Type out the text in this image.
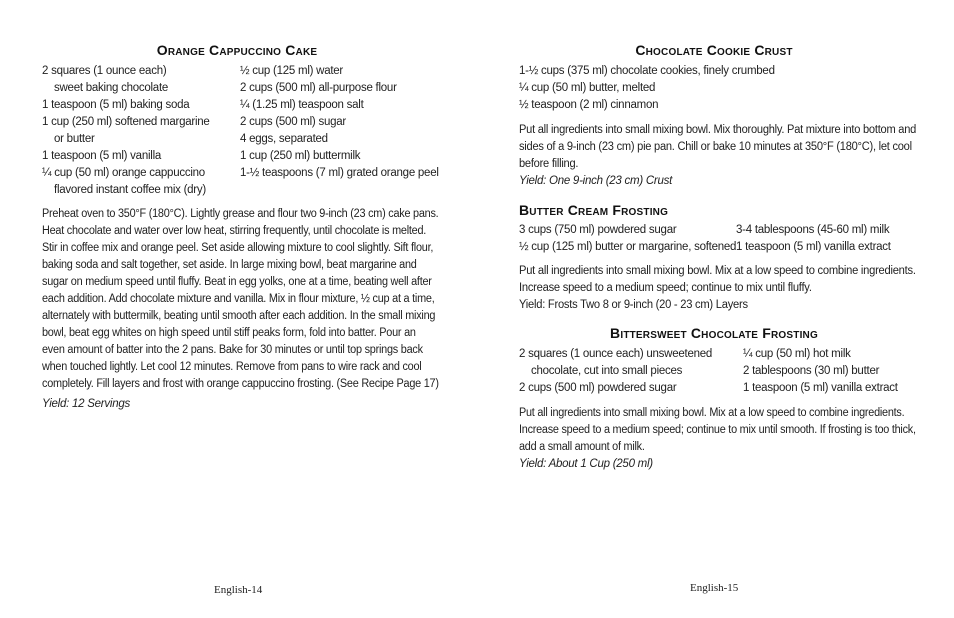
Orange Cappuccino Cake
2 squares (1 ounce each)
sweet baking chocolate
1 teaspoon (5 ml) baking soda
1 cup (250 ml) softened margarine
or butter
1 teaspoon (5 ml) vanilla
¼ cup (50 ml) orange cappuccino
flavored instant coffee mix (dry)
½ cup (125 ml) water
2 cups (500 ml) all-purpose flour
¼ (1.25 ml) teaspoon salt
2 cups (500 ml) sugar
4 eggs, separated
1 cup (250 ml) buttermilk
1-½ teaspoons (7 ml) grated orange peel
Preheat oven to 350°F (180°C). Lightly grease and flour two 9-inch (23 cm) cake pans.
Heat chocolate and water over low heat, stirring frequently, until chocolate is melted.
Stir in coffee mix and orange peel. Set aside allowing mixture to cool slightly. Sift flour,
baking soda and salt together, set aside. In large mixing bowl, beat margarine and
sugar on medium speed until fluffy. Beat in egg yolks, one at a time, beating well after
each addition. Add chocolate mixture and vanilla. Mix in flour mixture, ½ cup at a time,
alternately with buttermilk, beating until smooth after each addition. In the small mixing
bowl, beat egg whites on high speed until stiff peaks form, fold into batter. Pour an
even amount of batter into the 2 pans. Bake for 30 minutes or until top springs back
when touched lightly. Let cool 12 minutes. Remove from pans to wire rack and cool
completely. Fill layers and frost with orange cappuccino frosting. (See Recipe Page 17)
Yield: 12 Servings
English-14
Chocolate Cookie Crust
1-½ cups (375 ml) chocolate cookies, finely crumbed
¼ cup (50 ml) butter, melted
½ teaspoon (2 ml) cinnamon
Put all ingredients into small mixing bowl. Mix thoroughly. Pat mixture into bottom and
sides of a 9-inch (23 cm) pie pan. Chill or bake 10 minutes at 350°F (180°C), let cool
before filling.
Yield: One 9-inch (23 cm) Crust
Butter Cream Frosting
3 cups (750 ml) powdered sugar
½ cup (125 ml) butter or margarine, softened
3-4 tablespoons (45-60 ml) milk
1 teaspoon (5 ml) vanilla extract
Put all ingredients into small mixing bowl. Mix at a low speed to combine ingredients.
Increase speed to a medium speed; continue to mix until fluffy.
Yield: Frosts Two 8 or 9-inch (20 - 23 cm) Layers
Bittersweet Chocolate Frosting
2 squares (1 ounce each) unsweetened
chocolate, cut into small pieces
2 cups (500 ml) powdered sugar
¼ cup (50 ml) hot milk
2 tablespoons (30 ml) butter
1 teaspoon (5 ml) vanilla extract
Put all ingredients into small mixing bowl. Mix at a low speed to combine ingredients.
Increase speed to a medium speed; continue to mix until smooth. If frosting is too thick,
add a small amount of milk.
Yield: About 1 Cup (250 ml)
English-15
